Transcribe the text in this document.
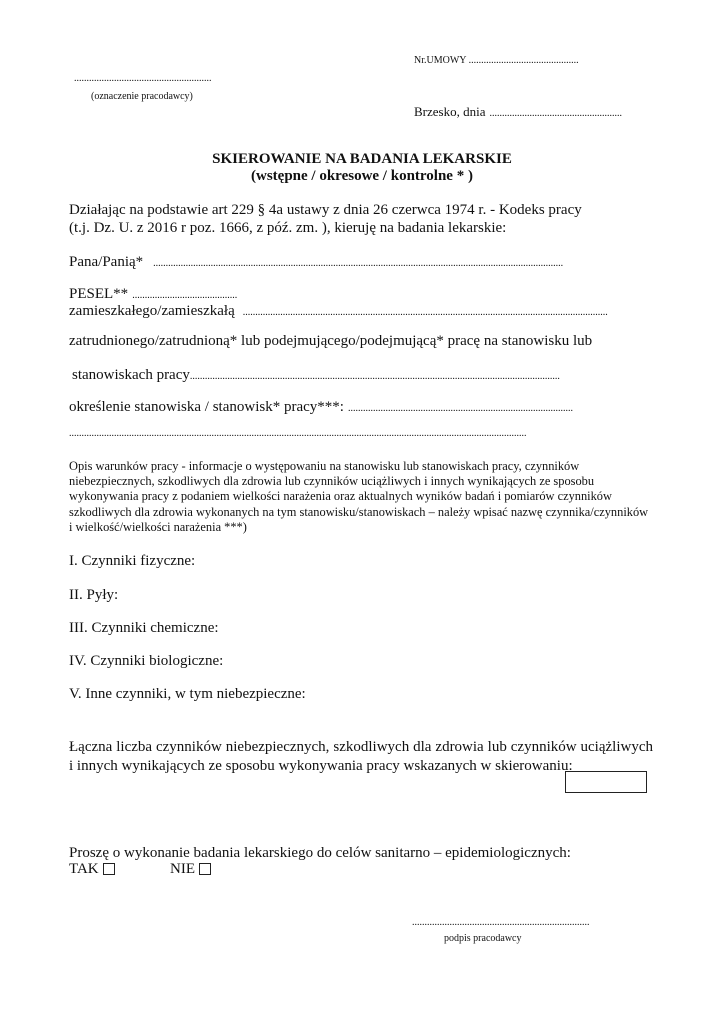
Nr.UMOWY ............................................
.......................................................
(oznaczenie pracodawcy)
Brzesko, dnia .....................................................
SKIEROWANIE NA BADANIA LEKARSKIE
(wstępne / okresowe / kontrolne * )
Działając na podstawie art 229 § 4a ustawy z dnia 26 czerwca 1974 r. - Kodeks pracy
(t.j. Dz. U. z 2016 r poz. 1666, z póź. zm. ), kieruję na badania lekarskie:
Pana/Panią* ....................................................................................................................................................................
PESEL** ..........................................
zamieszkałego/zamieszkałą ..................................................................................................................................................
zatrudnionego/zatrudnioną* lub podejmującego/podejmującą* pracę na stanowisku lub
stanowiskach pracy....................................................................................................................................................
określenie stanowiska / stanowisk* pracy***: ..........................................................................................
.......................................................................................................................................................................................
Opis warunków pracy - informacje o występowaniu na stanowisku lub stanowiskach pracy, czynników niebezpiecznych, szkodliwych dla zdrowia lub czynników uciążliwych i innych wynikających ze sposobu wykonywania pracy z podaniem wielkości narażenia oraz aktualnych wyników badań i pomiarów czynników szkodliwych dla zdrowia wykonanych na tym stanowisku/stanowiskach – należy wpisać nazwę czynnika/czynników i wielkość/wielkości narażenia ***)
I. Czynniki fizyczne:
II. Pyły:
III. Czynniki chemiczne:
IV. Czynniki biologiczne:
V. Inne czynniki, w tym niebezpieczne:
Łączna liczba czynników niebezpiecznych, szkodliwych dla zdrowia lub czynników uciążliwych i innych wynikających ze sposobu wykonywania pracy wskazanych w skierowaniu:
Proszę o wykonanie badania lekarskiego do celów sanitarno – epidemiologicznych:
TAK	NIE
.......................................................................
podpis pracodawcy
